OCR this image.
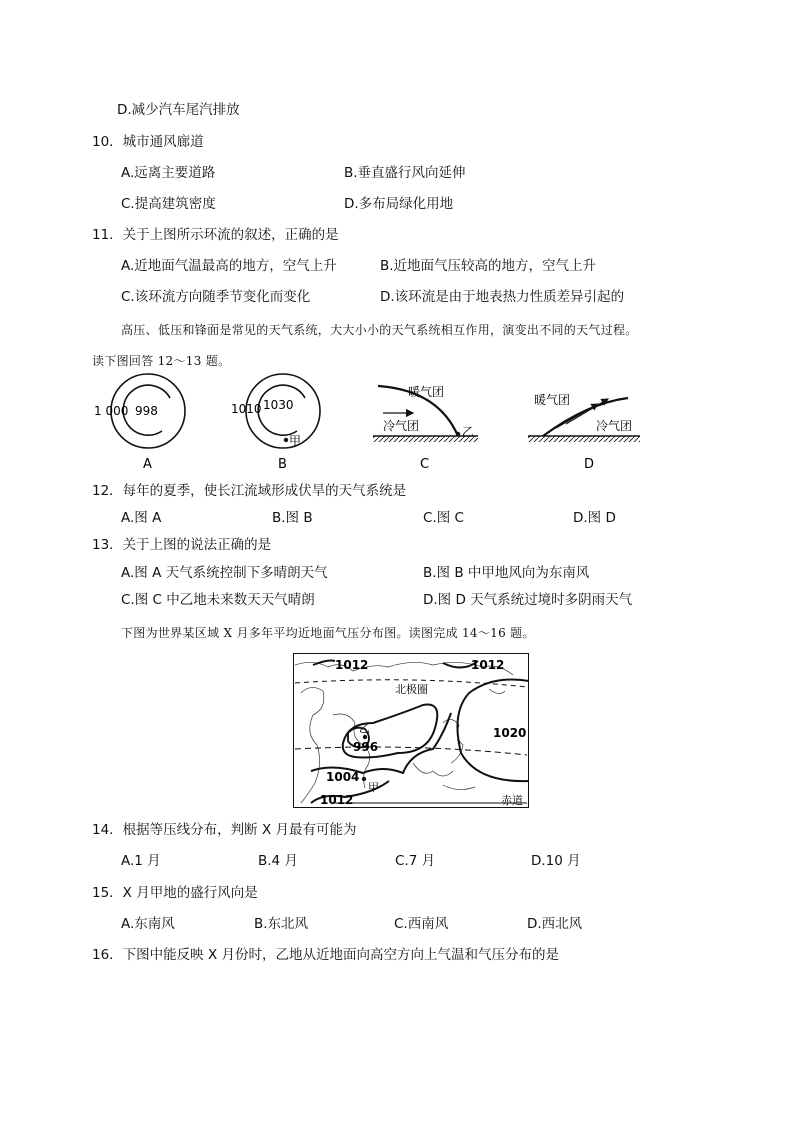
D.减少汽车尾汽排放
10．城市通风廊道
A.远离主要道路	B.垂直盛行风向延伸
C.提高建筑密度	D.多布局绿化用地
11．关于上图所示环流的叙述，正确的是
A.近地面气温最高的地方，空气上升	B.近地面气压较高的地方，空气上升
C.该环流方向随季节变化而变化	D.该环流是由于地表热力性质差异引起的
高压、低压和锋面是常见的天气系统，大大小小的天气系统相互作用，演变出不同的天气过程。
读下图回答 12～13 题。
1 000 998
A
1010 1030
甲
B
暖气团
冷气团	乙
C
暖气团
冷气团
D
12．每年的夏季，使长江流域形成伏旱的天气系统是
A.图 A	B.图 B	C.图 C	D.图 D
13．关于上图的说法正确的是
A.图 A 天气系统控制下多晴朗天气	B.图 B 中甲地风向为东南风
C.图 C 中乙地未来数天天气晴朗	D.图 D 天气系统过境时多阴雨天气
下图为世界某区域 X 月多年平均近地面气压分布图。读图完成 14～16 题。
1012	1012
北极圈
1020
996
1004
1012	赤道
乙
甲
14．根据等压线分布，判断 X 月最有可能为
A.1 月	B.4 月	C.7 月	D.10 月
15．X 月甲地的盛行风向是
A.东南风	B.东北风	C.西南风	D.西北风
16．下图中能反映 X 月份时，乙地从近地面向高空方向上气温和气压分布的是
